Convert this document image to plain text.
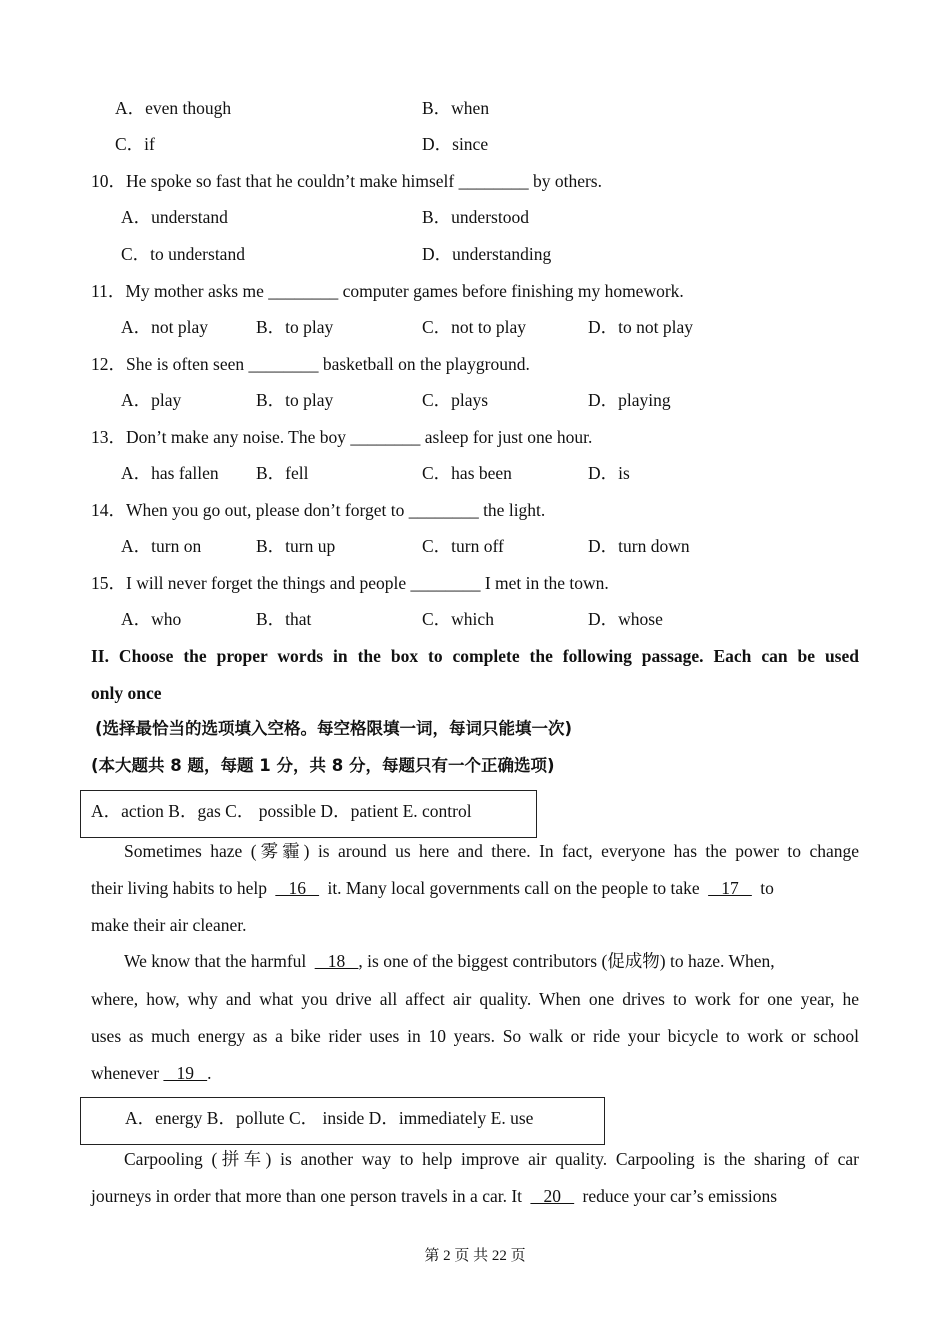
A．even though	B．when
C．if	D．since
10．He spoke so fast that he couldn’t make himself ________ by others.
A．understand	B．understood
C．to understand	D．understanding
11．My mother asks me ________ computer games before finishing my homework.
A．not play	B．to play	C．not to play	D．to not play
12．She is often seen ________ basketball on the playground.
A．play	B．to play	C．plays	D．playing
13．Don’t make any noise. The boy ________ asleep for just one hour.
A．has fallen B．fell	C．has been	D．is
14．When you go out, please don’t forget to ________ the light.
A．turn on	B．turn up	C．turn off	D．turn down
15．I will never forget the things and people ________ I met in the town.
A．who	B．that	C．which	D．whose
II. Choose the proper words in the box to complete the following passage. Each can be used
only once
(选择最恰当的选项填入空格。每空格限填一词，每词只能填一次)
(本大题共 8 题，每题 1 分，共 8 分，每题只有一个正确选项)
A．action B．gas C． possible D．patient E. control
Sometimes haze (雾霾) is around us here and there. In fact, everyone has the power to change
their living habits to help    16    it. Many local governments call on the people to take    17    to
make their air cleaner.
We know that the harmful    18   , is one of the biggest contributors (促成物) to haze. When,
where, how, why and what you drive all affect air quality. When one drives to work for one year, he
uses as much energy as a bike rider uses in 10 years. So walk or ride your bicycle to work or school
whenever    19   .
A．energy B．pollute C． inside D．immediately E. use
Carpooling (拼车) is another way to help improve air quality. Carpooling is the sharing of car
journeys in order that more than one person travels in a car. It    20    reduce your car’s emissions
第 2 页 共 22 页
